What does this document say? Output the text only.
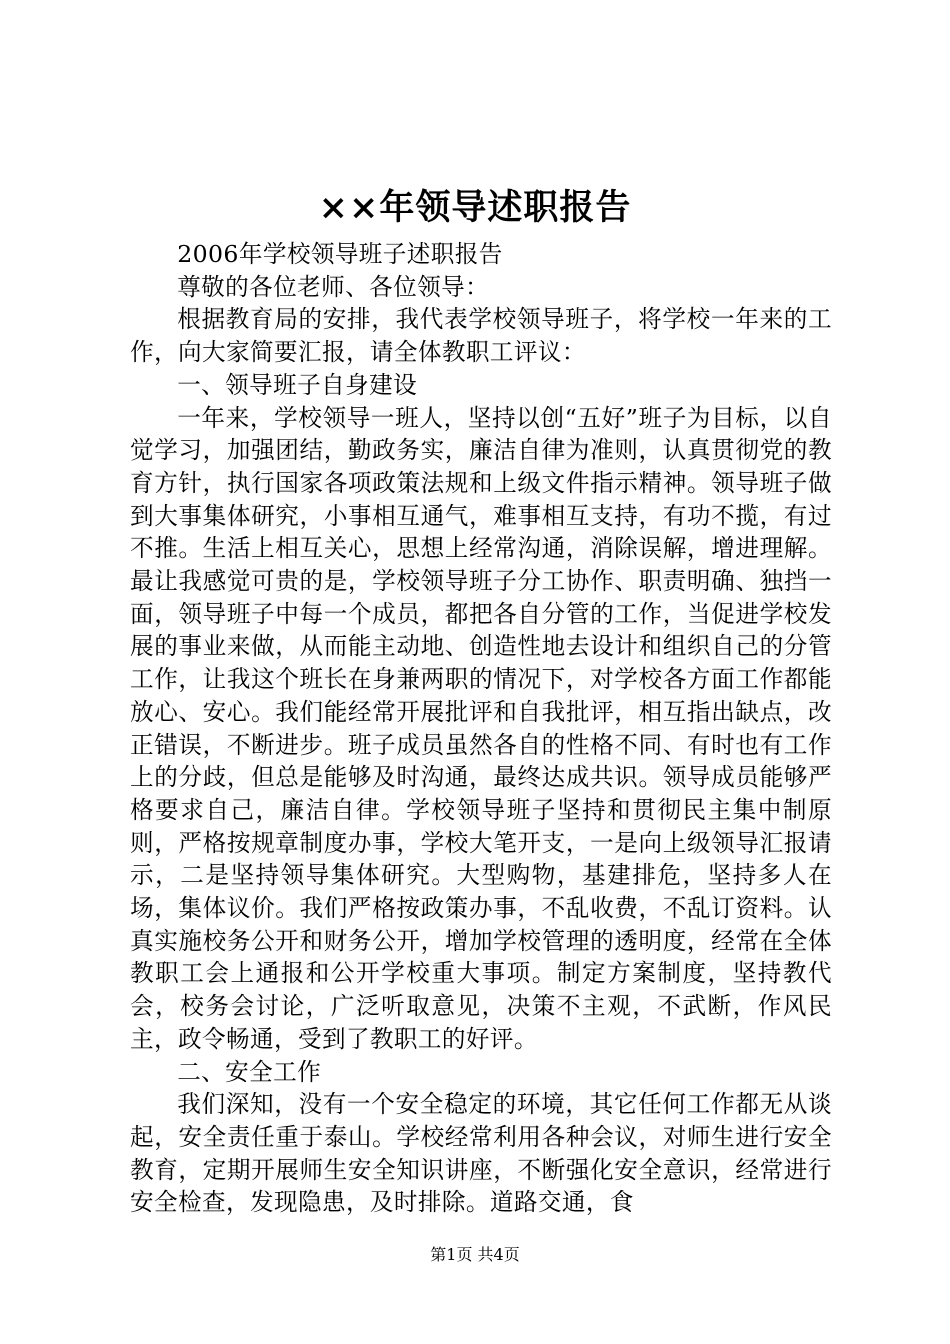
××年领导述职报告

2006年学校领导班子述职报告

尊敬的各位老师、各位领导：

根据教育局的安排，我代表学校领导班子，将学校一年来的工作，向大家简要汇报，请全体教职工评议：

一、领导班子自身建设

一年来，学校领导一班人，坚持以创“五好”班子为目标，以自觉学习，加强团结，勤政务实，廉洁自律为准则，认真贯彻党的教育方针，执行国家各项政策法规和上级文件指示精神。领导班子做到大事集体研究，小事相互通气，难事相互支持，有功不揽，有过不推。生活上相互关心，思想上经常沟通，消除误解，增进理解。最让我感觉可贵的是，学校领导班子分工协作、职责明确、独挡一面，领导班子中每一个成员，都把各自分管的工作，当促进学校发展的事业来做，从而能主动地、创造性地去设计和组织自己的分管工作，让我这个班长在身兼两职的情况下，对学校各方面工作都能放心、安心。我们能经常开展批评和自我批评，相互指出缺点，改正错误，不断进步。班子成员虽然各自的性格不同、有时也有工作上的分歧，但总是能够及时沟通，最终达成共识。领导成员能够严格要求自己，廉洁自律。学校领导班子坚持和贯彻民主集中制原则，严格按规章制度办事，学校大笔开支，一是向上级领导汇报请示，二是坚持领导集体研究。大型购物，基建排危，坚持多人在场，集体议价。我们严格按政策办事，不乱收费，不乱订资料。认真实施校务公开和财务公开，增加学校管理的透明度，经常在全体教职工会上通报和公开学校重大事项。制定方案制度，坚持教代会，校务会讨论，广泛听取意见，决策不主观，不武断，作风民主，政令畅通，受到了教职工的好评。

二、安全工作

我们深知，没有一个安全稳定的环境，其它任何工作都无从谈起，安全责任重于泰山。学校经常利用各种会议，对师生进行安全教育，定期开展师生安全知识讲座，不断强化安全意识，经常进行安全检查，发现隐患，及时排除。道路交通，食

第1页 共4页
